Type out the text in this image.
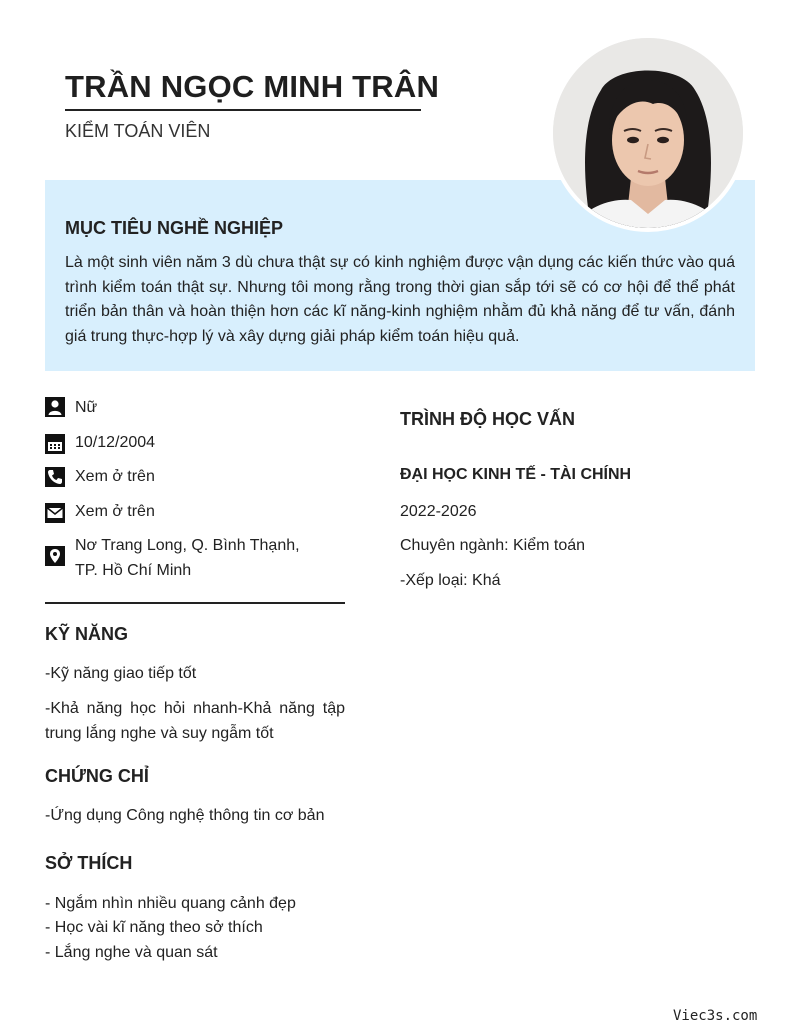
TRẦN NGỌC MINH TRÂN
KIỂM TOÁN VIÊN
MỤC TIÊU NGHỀ NGHIỆP

Là một sinh viên năm 3 dù chưa thật sự có kinh nghiệm được vận dụng các kiến thức vào quá trình kiểm toán thật sự. Nhưng tôi mong rằng trong thời gian sắp tới sẽ có cơ hội để thể phát triển bản thân và hoàn thiện hơn các kĩ năng-kinh nghiệm nhằm đủ khả năng để tư vấn, đánh giá trung thực-hợp lý và xây dựng giải pháp kiểm toán hiệu quả.

Nữ
10/12/2004
Xem ở trên
Xem ở trên
Nơ Trang Long, Q. Bình Thạnh,
TP. Hồ Chí Minh
KỸ NĂNG
-Kỹ năng giao tiếp tốt
-Khả năng học hỏi nhanh-Khả năng tập trung lắng nghe và suy ngẫm tốt
CHỨNG CHỈ
-Ứng dụng Công nghệ thông tin cơ bản
SỞ THÍCH
- Ngắm nhìn nhiều quang cảnh đẹp
- Học vài kĩ năng theo sở thích
- Lắng nghe và quan sát
TRÌNH ĐỘ HỌC VẤN
ĐẠI HỌC KINH TẾ - TÀI CHÍNH
2022-2026
Chuyên ngành: Kiểm toán
-Xếp loại: Khá
Viec3s.com
